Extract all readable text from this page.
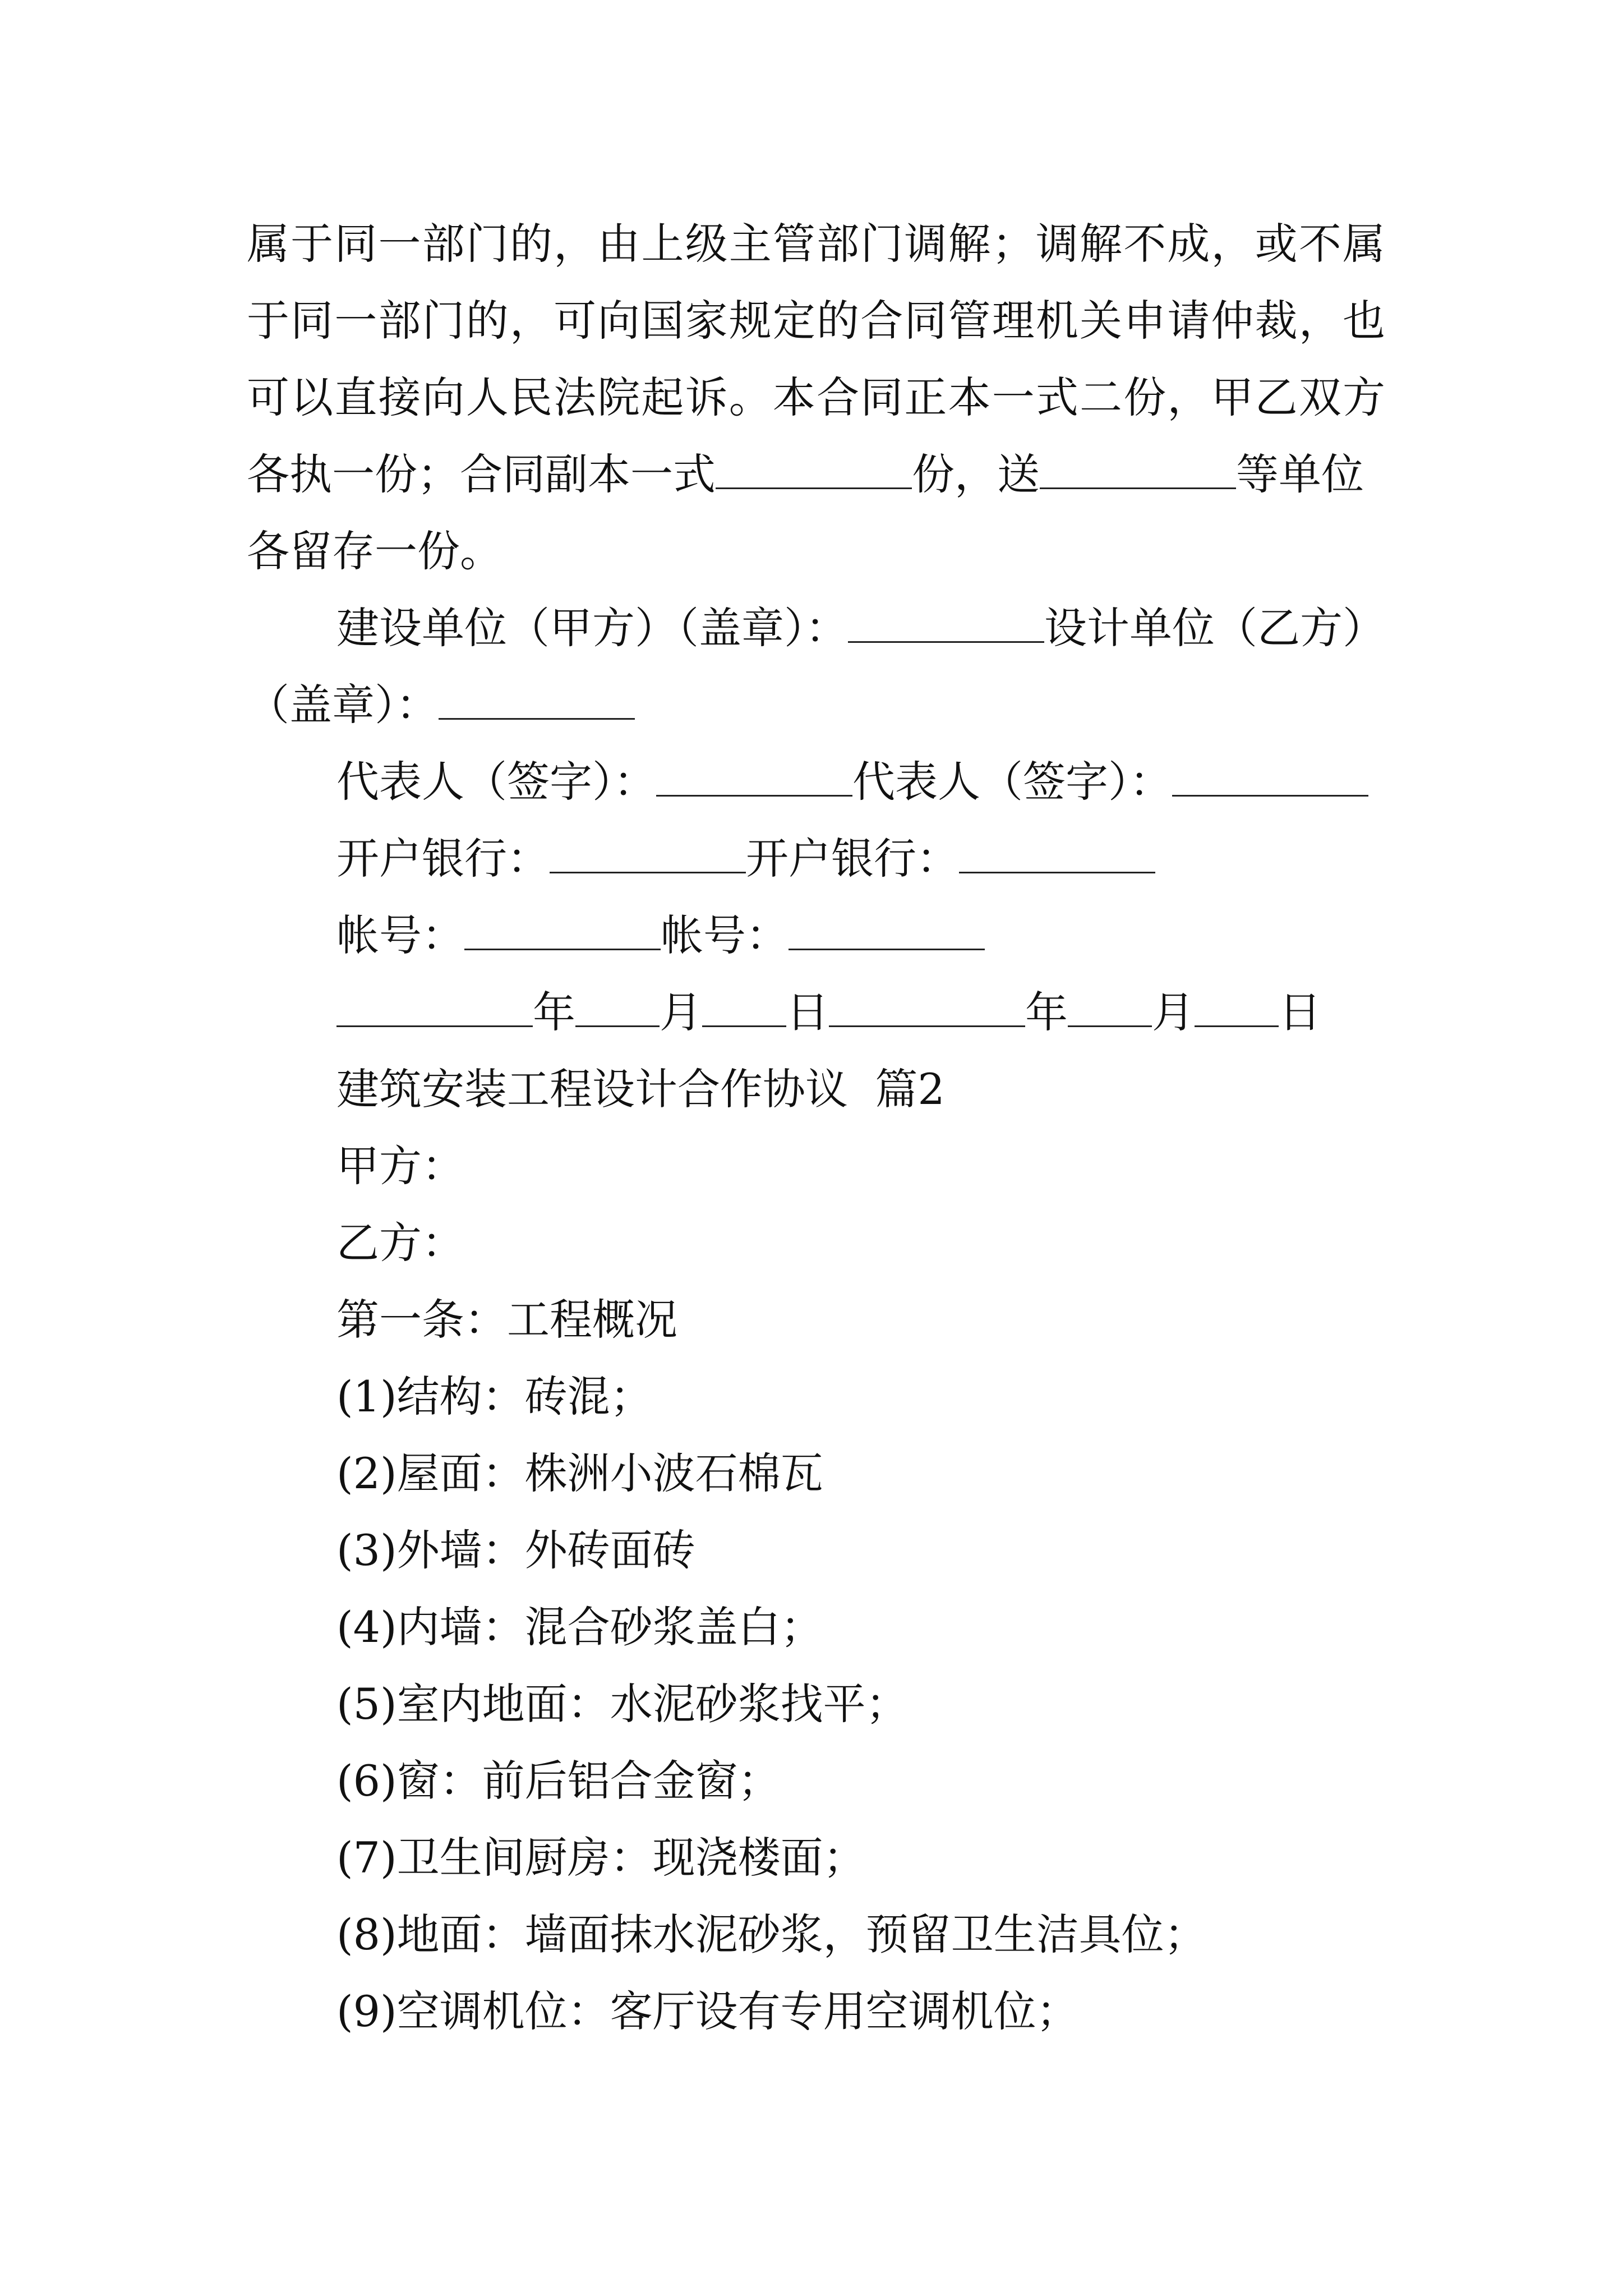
属于同一部门的，由上级主管部门调解；调解不成，或不属
于同一部门的，可向国家规定的合同管理机关申请仲裁，也
可以直接向人民法院起诉。本合同正本一式二份，甲乙双方
各执一份；合同副本一式	份，送	等单位
各留存一份。
建设单位（甲方）（盖章）：	设计单位（乙方）
（盖章）：
代表人（签字）：	代表人（签字）：
开户银行：	开户银行：
帐号：	帐号：
年 月 日	年 月 日
建筑安装工程设计合作协议  篇2
甲方：
乙方：
第一条：工程概况
(1)结构：砖混；
(2)屋面：株洲小波石棉瓦
(3)外墙：外砖面砖
(4)内墙：混合砂浆盖白；
(5)室内地面：水泥砂浆找平；
(6)窗：前后铝合金窗；
(7)卫生间厨房：现浇楼面；
(8)地面：墙面抹水泥砂浆，预留卫生洁具位；
(9)空调机位：客厅设有专用空调机位；
